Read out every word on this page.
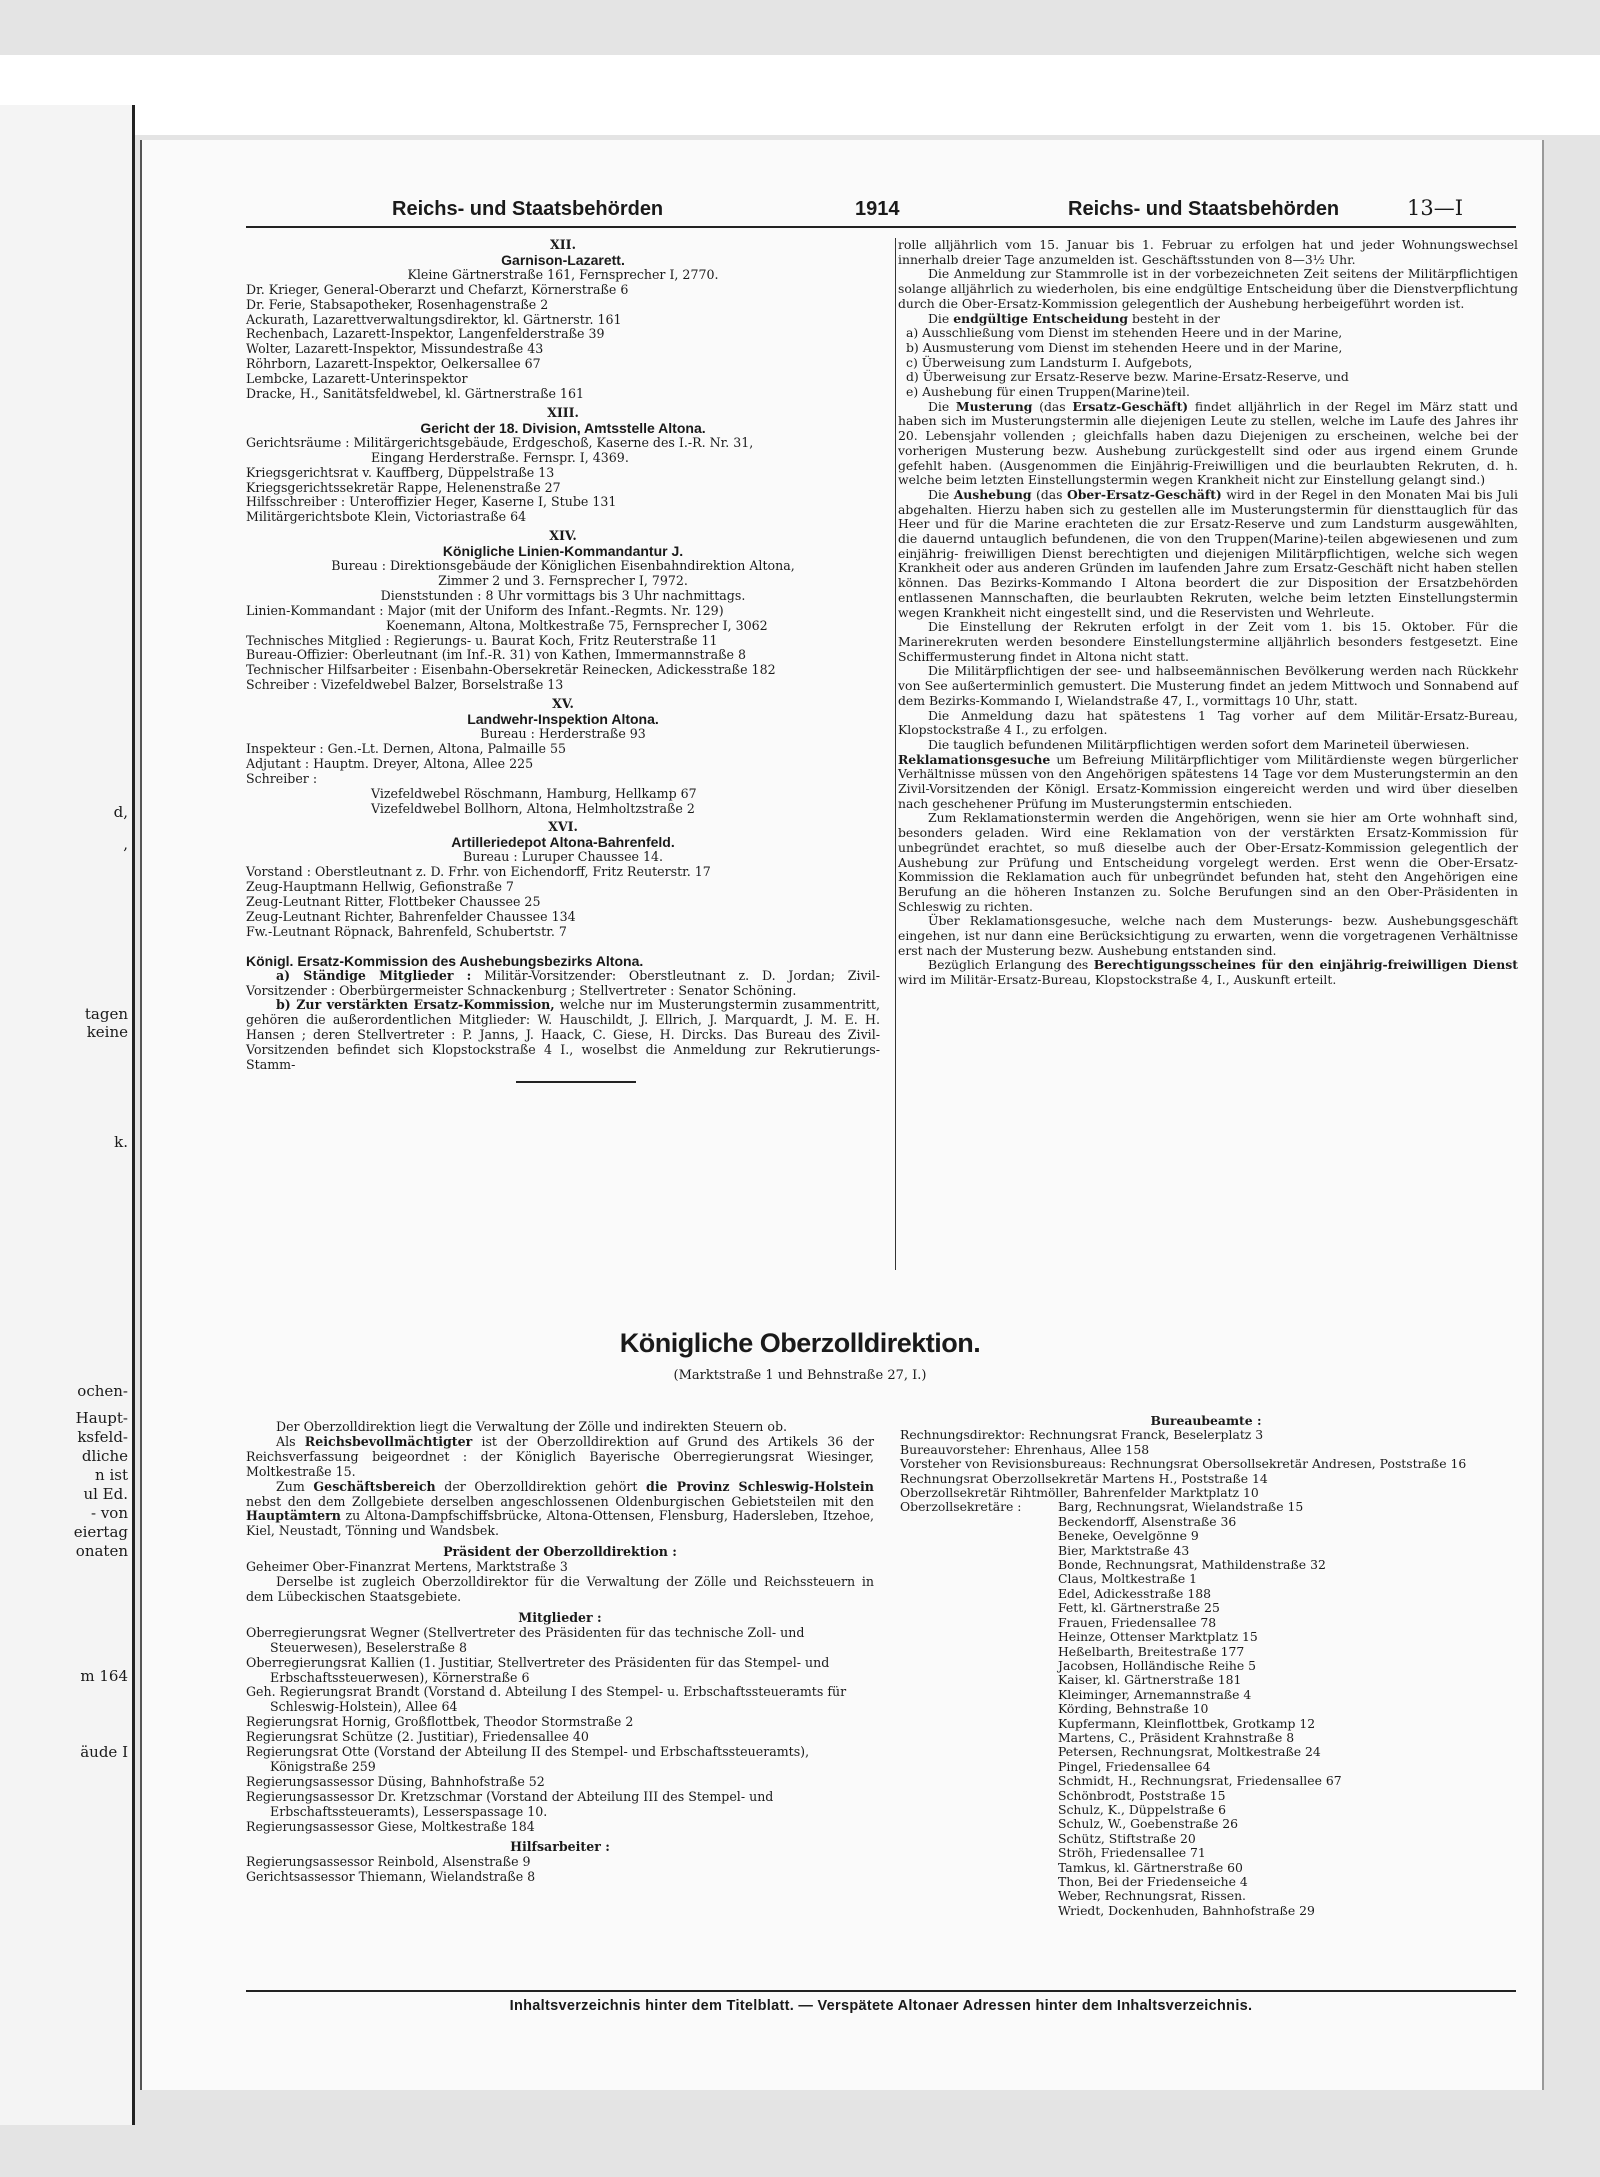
d,
,
tagen
keine
k.
ochen-
Haupt-
ksfeld-
dliche
n ist
ul Ed.
- von
eiertag
onaten
m 164
äude I
Reichs- und Staatsbehörden	1914	Reichs- und Staatsbehörden	13—I

XII.

Garnison-Lazarett.

Kleine Gärtnerstraße 161, Fernsprecher I, 2770.

Dr. Krieger, General-Oberarzt und Chefarzt, Körnerstraße 6

Dr. Ferie, Stabsapotheker, Rosenhagenstraße 2

Ackurath, Lazarettverwaltungsdirektor, kl. Gärtnerstr. 161

Rechenbach, Lazarett-Inspektor, Langenfelderstraße 39

Wolter, Lazarett-Inspektor, Missundestraße 43

Röhrborn, Lazarett-Inspektor, Oelkersallee 67

Lembcke, Lazarett-Unterinspektor

Dracke, H., Sanitätsfeldwebel, kl. Gärtnerstraße 161

XIII.

Gericht der 18. Division, Amtsstelle Altona.

Gerichtsräume : Militärgerichtsgebäude, Erdgeschoß, Kaserne des I.-R. Nr. 31,

Eingang Herderstraße. Fernspr. I, 4369.

Kriegsgerichtsrat v. Kauffberg, Düppelstraße 13

Kriegsgerichtssekretär Rappe, Helenenstraße 27

Hilfsschreiber : Unteroffizier Heger, Kaserne I, Stube 131

Militärgerichtsbote Klein, Victoriastraße 64

XIV.

Königliche Linien-Kommandantur J.

Bureau : Direktionsgebäude der Königlichen Eisenbahndirektion Altona,

Zimmer 2 und 3. Fernsprecher I, 7972.

Dienststunden : 8 Uhr vormittags bis 3 Uhr nachmittags.

Linien-Kommandant : Major (mit der Uniform des Infant.-Regmts. Nr. 129)

Koenemann, Altona, Moltkestraße 75, Fernsprecher I, 3062

Technisches Mitglied : Regierungs- u. Baurat Koch, Fritz Reuterstraße 11

Bureau-Offizier: Oberleutnant (im Inf.-R. 31) von Kathen, Immermannstraße 8

Technischer Hilfsarbeiter : Eisenbahn-Obersekretär Reinecken, Adickesstraße 182

Schreiber : Vizefeldwebel Balzer, Borselstraße 13

XV.

Landwehr-Inspektion Altona.

Bureau : Herderstraße 93

Inspekteur : Gen.-Lt. Dernen, Altona, Palmaille 55

Adjutant : Hauptm. Dreyer, Altona, Allee 225

Schreiber :

Vizefeldwebel Röschmann, Hamburg, Hellkamp 67

Vizefeldwebel Bollhorn, Altona, Helmholtzstraße 2

XVI.

Artilleriedepot Altona-Bahrenfeld.

Bureau : Luruper Chaussee 14.

Vorstand : Oberstleutnant z. D. Frhr. von Eichendorff, Fritz Reuterstr. 17

Zeug-Hauptmann Hellwig, Gefionstraße 7

Zeug-Leutnant Ritter, Flottbeker Chaussee 25

Zeug-Leutnant Richter, Bahrenfelder Chaussee 134

Fw.-Leutnant Röpnack, Bahrenfeld, Schubertstr. 7

Königl. Ersatz-Kommission des Aushebungsbezirks Altona.

a) Ständige Mitglieder : Militär-Vorsitzender: Oberstleutnant z. D. Jordan; Zivil-Vorsitzender : Oberbürgermeister Schnackenburg ; Stellvertreter : Senator Schöning.

b) Zur verstärkten Ersatz-Kommission, welche nur im Musterungstermin zusammentritt, gehören die außerordentlichen Mitglieder: W. Hauschildt, J. Ellrich, J. Marquardt, J. M. E. H. Hansen ; deren Stellvertreter : P. Janns, J. Haack, C. Giese, H. Dircks. Das Bureau des Zivil-Vorsitzenden befindet sich Klopstockstraße 4 I., woselbst die Anmeldung zur Rekrutierungs-Stamm-

rolle alljährlich vom 15. Januar bis 1. Februar zu erfolgen hat und jeder Wohnungswechsel innerhalb dreier Tage anzumelden ist. Geschäftsstunden von 8—3½ Uhr.

Die Anmeldung zur Stammrolle ist in der vorbezeichneten Zeit seitens der Militärpflichtigen solange alljährlich zu wiederholen, bis eine endgültige Entscheidung über die Dienstverpflichtung durch die Ober-Ersatz-Kommission gelegentlich der Aushebung herbeigeführt worden ist.

Die endgültige Entscheidung besteht in der

a) Ausschließung vom Dienst im stehenden Heere und in der Marine,

b) Ausmusterung vom Dienst im stehenden Heere und in der Marine,

c) Überweisung zum Landsturm I. Aufgebots,

d) Überweisung zur Ersatz-Reserve bezw. Marine-Ersatz-Reserve, und

e) Aushebung für einen Truppen(Marine)teil.

Die Musterung (das Ersatz-Geschäft) findet alljährlich in der Regel im März statt und haben sich im Musterungstermin alle diejenigen Leute zu stellen, welche im Laufe des Jahres ihr 20. Lebensjahr vollenden ; gleichfalls haben dazu Diejenigen zu erscheinen, welche bei der vorherigen Musterung bezw. Aushebung zurückgestellt sind oder aus irgend einem Grunde gefehlt haben. (Ausgenommen die Einjährig-Freiwilligen und die beurlaubten Rekruten, d. h. welche beim letzten Einstellungstermin wegen Krankheit nicht zur Einstellung gelangt sind.)

Die Aushebung (das Ober-Ersatz-Geschäft) wird in der Regel in den Monaten Mai bis Juli abgehalten. Hierzu haben sich zu gestellen alle im Musterungstermin für diensttauglich für das Heer und für die Marine erachteten die zur Ersatz-Reserve und zum Landsturm ausgewählten, die dauernd untauglich befundenen, die von den Truppen(Marine)-teilen abgewiesenen und zum einjährig- freiwilligen Dienst berechtigten und diejenigen Militärpflichtigen, welche sich wegen Krankheit oder aus anderen Gründen im laufenden Jahre zum Ersatz-Geschäft nicht haben stellen können. Das Bezirks-Kommando I Altona beordert die zur Disposition der Ersatzbehörden entlassenen Mannschaften, die beurlaubten Rekruten, welche beim letzten Einstellungstermin wegen Krankheit nicht eingestellt sind, und die Reservisten und Wehrleute.

Die Einstellung der Rekruten erfolgt in der Zeit vom 1. bis 15. Oktober. Für die Marinerekruten werden besondere Einstellungstermine alljährlich besonders festgesetzt. Eine Schiffermusterung findet in Altona nicht statt.

Die Militärpflichtigen der see- und halbseemännischen Bevölkerung werden nach Rückkehr von See außerterminlich gemustert. Die Musterung findet an jedem Mittwoch und Sonnabend auf dem Bezirks-Kommando I, Wielandstraße 47, I., vormittags 10 Uhr, statt.

Die Anmeldung dazu hat spätestens 1 Tag vorher auf dem Militär-Ersatz-Bureau, Klopstockstraße 4 I., zu erfolgen.

Die tauglich befundenen Militärpflichtigen werden sofort dem Marineteil überwiesen.

Reklamationsgesuche um Befreiung Militärpflichtiger vom Militärdienste wegen bürgerlicher Verhältnisse müssen von den Angehörigen spätestens 14 Tage vor dem Musterungstermin an den Zivil-Vorsitzenden der Königl. Ersatz-Kommission eingereicht werden und wird über dieselben nach geschehener Prüfung im Musterungstermin entschieden.

Zum Reklamationstermin werden die Angehörigen, wenn sie hier am Orte wohnhaft sind, besonders geladen. Wird eine Reklamation von der verstärkten Ersatz-Kommission für unbegründet erachtet, so muß dieselbe auch der Ober-Ersatz-Kommission gelegentlich der Aushebung zur Prüfung und Entscheidung vorgelegt werden. Erst wenn die Ober-Ersatz-Kommission die Reklamation auch für unbegründet befunden hat, steht den Angehörigen eine Berufung an die höheren Instanzen zu. Solche Berufungen sind an den Ober-Präsidenten in Schleswig zu richten.

Über Reklamationsgesuche, welche nach dem Musterungs- bezw. Aushebungsgeschäft eingehen, ist nur dann eine Berücksichtigung zu erwarten, wenn die vorgetragenen Verhältnisse erst nach der Musterung bezw. Aushebung entstanden sind.

Bezüglich Erlangung des Berechtigungsscheines für den einjährig-freiwilligen Dienst wird im Militär-Ersatz-Bureau, Klopstockstraße 4, I., Auskunft erteilt.

Königliche Oberzolldirektion.
(Marktstraße 1 und Behnstraße 27, I.)

Der Oberzolldirektion liegt die Verwaltung der Zölle und indirekten Steuern ob.

Als Reichsbevollmächtigter ist der Oberzolldirektion auf Grund des Artikels 36 der Reichsverfassung beigeordnet : der Königlich Bayerische Oberregierungsrat Wiesinger, Moltkestraße 15.

Zum Geschäftsbereich der Oberzolldirektion gehört die Provinz Schleswig-Holstein nebst den dem Zollgebiete derselben angeschlossenen Oldenburgischen Gebietsteilen mit den Hauptämtern zu Altona-Dampfschiffsbrücke, Altona-Ottensen, Flensburg, Hadersleben, Itzehoe, Kiel, Neustadt, Tönning und Wandsbek.

Präsident der Oberzolldirektion :

Geheimer Ober-Finanzrat Mertens, Marktstraße 3

Derselbe ist zugleich Oberzolldirektor für die Verwaltung der Zölle und Reichssteuern in dem Lübeckischen Staatsgebiete.

Mitglieder :

Oberregierungsrat Wegner (Stellvertreter des Präsidenten für das technische Zoll- und Steuerwesen), Beselerstraße 8

Oberregierungsrat Kallien (1. Justitiar, Stellvertreter des Präsidenten für das Stempel- und Erbschaftssteuerwesen), Körnerstraße 6

Geh. Regierungsrat Brandt (Vorstand d. Abteilung I des Stempel- u. Erbschaftssteueramts für Schleswig-Holstein), Allee 64

Regierungsrat Hornig, Großflottbek, Theodor Stormstraße 2

Regierungsrat Schütze (2. Justitiar), Friedensallee 40

Regierungsrat Otte (Vorstand der Abteilung II des Stempel- und Erbschaftssteueramts), Königstraße 259

Regierungsassessor Düsing, Bahnhofstraße 52

Regierungsassessor Dr. Kretzschmar (Vorstand der Abteilung III des Stempel- und Erbschaftssteueramts), Lesserspassage 10.

Regierungsassessor Giese, Moltkestraße 184

Hilfsarbeiter :

Regierungsassessor Reinbold, Alsenstraße 9

Gerichtsassessor Thiemann, Wielandstraße 8

Bureaubeamte :

Rechnungsdirektor: Rechnungsrat Franck, Beselerplatz 3

Bureauvorsteher: Ehrenhaus, Allee 158

Vorsteher von Revisionsbureaus: Rechnungsrat Obersollsekretär Andresen, Poststraße 16

Rechnungsrat Oberzollsekretär Martens H., Poststraße 14

Oberzollsekretär Rihtmöller, Bahrenfelder Marktplatz 10

Oberzollsekretäre :	Barg, Rechnungsrat, Wielandstraße 15
Beckendorff, Alsenstraße 36
Beneke, Oevelgönne 9
Bier, Marktstraße 43
Bonde, Rechnungsrat, Mathildenstraße 32
Claus, Moltkestraße 1
Edel, Adickesstraße 188
Fett, kl. Gärtnerstraße 25
Frauen, Friedensallee 78
Heinze, Ottenser Marktplatz 15
Heßelbarth, Breitestraße 177
Jacobsen, Holländische Reihe 5
Kaiser, kl. Gärtnerstraße 181
Kleiminger, Arnemannstraße 4
Körding, Behnstraße 10
Kupfermann, Kleinflottbek, Grotkamp 12
Martens, C., Präsident Krahnstraße 8
Petersen, Rechnungsrat, Moltkestraße 24
Pingel, Friedensallee 64
Schmidt, H., Rechnungsrat, Friedensallee 67
Schönbrodt, Poststraße 15
Schulz, K., Düppelstraße 6
Schulz, W., Goebenstraße 26
Schütz, Stiftstraße 20
Ströh, Friedensallee 71
Tamkus, kl. Gärtnerstraße 60
Thon, Bei der Friedenseiche 4
Weber, Rechnungsrat, Rissen.
Wriedt, Dockenhuden, Bahnhofstraße 29
Inhaltsverzeichnis hinter dem Titelblatt. — Verspätete Altonaer Adressen hinter dem Inhaltsverzeichnis.
